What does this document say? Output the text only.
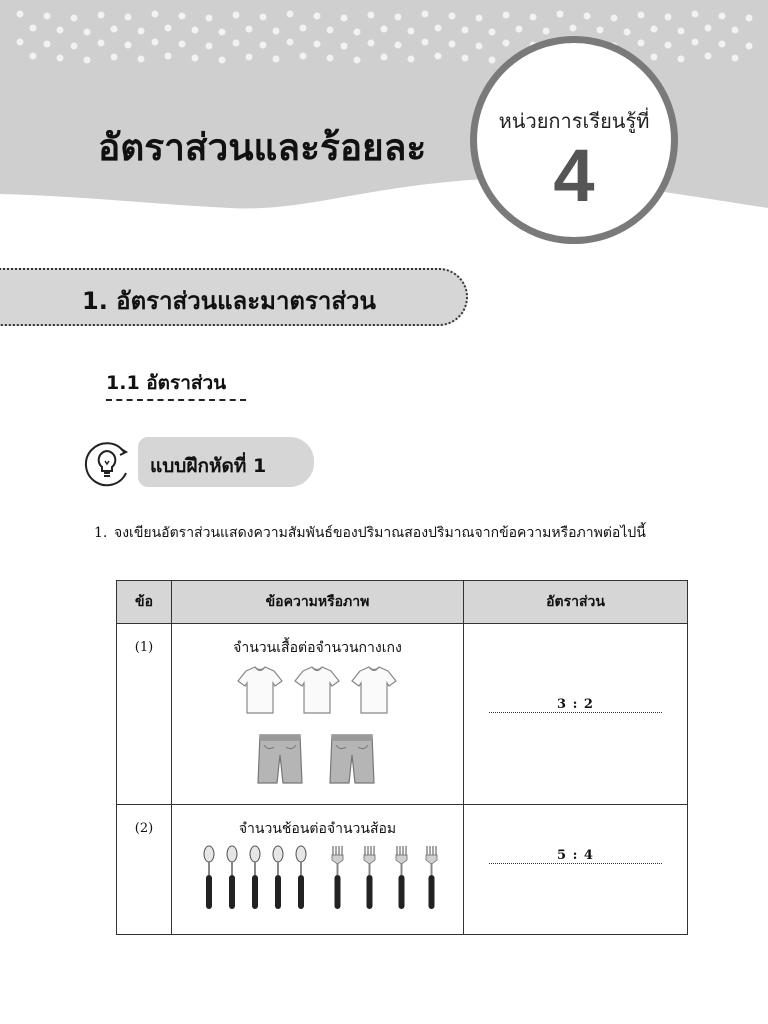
อัตราส่วนและร้อยละ
หน่วยการเรียนรู้ที่
4
1. อัตราส่วนและมาตราส่วน
1.1 อัตราส่วน
แบบฝึกหัดที่ 1
1. จงเขียนอัตราส่วนแสดงความสัมพันธ์ของปริมาณสองปริมาณจากข้อความหรือภาพต่อไปนี้
ข้อ	ข้อความหรือภาพ	อัตราส่วน
(1)	จำนวนเสื้อต่อจำนวนกางเกง	3 : 2

(2)	จำนวนช้อนต่อจำนวนส้อม	5 : 4
